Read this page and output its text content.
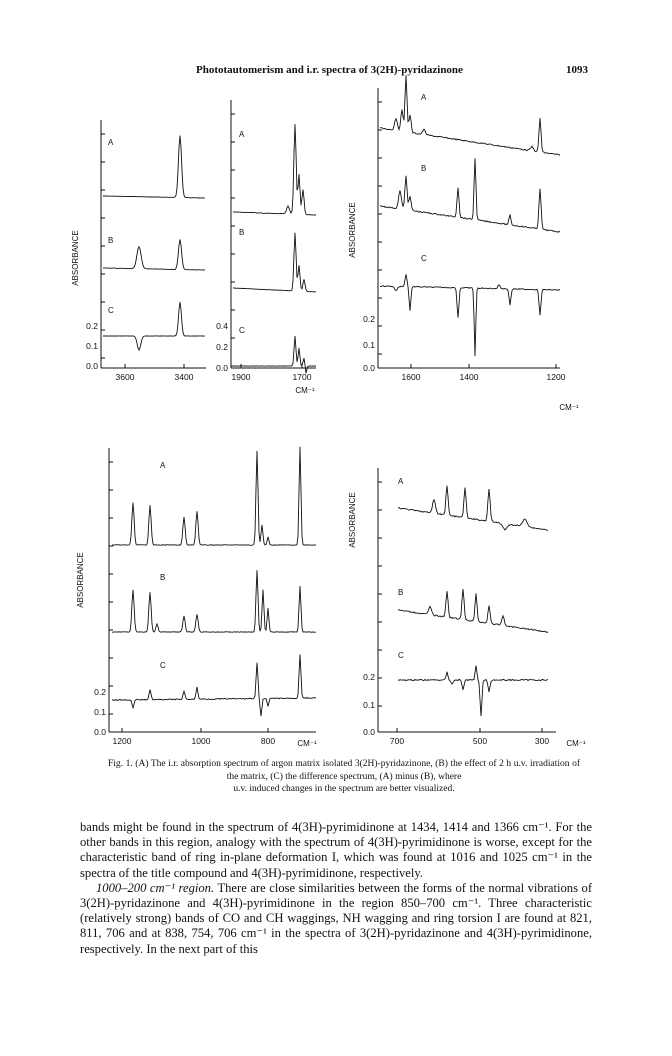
Phototautomerism and i.r. spectra of 3(2H)-pyridazinone	1093
0.0
0.1
0.2
3600	3400
ABSORBANCE
A
B
C
0.0
0.2
0.4
1900	1700
CM⁻¹
A
B
C
0.0
0.1
0.2
1600	1400	1200
ABSORBANCE
CM⁻¹
A
B
C
0.0
0.1
0.2
1200	1000	800
ABSORBANCE
CM⁻¹
A
B
C
0.0
0.1
0.2
700	500	300
ABSORBANCE
CM⁻¹
A
B
C
Fig. 1. (A) The i.r. absorption spectrum of argon matrix isolated 3(2H)-pyridazinone, (B) the effect of 2 h u.v. irradiation of the matrix, (C) the difference spectrum, (A) minus (B), where
u.v. induced changes in the spectrum are better visualized.

bands might be found in the spectrum of 4(3H)-pyrimidinone at 1434, 1414 and 1366 cm⁻¹. For the other bands in this region, analogy with the spectrum of 4(3H)-pyrimidinone is worse, except for the characteristic band of ring in-plane deformation I, which was found at 1016 and 1025 cm⁻¹ in the spectra of the title compound and 4(3H)-pyrimidinone, respectively.

1000–200 cm⁻¹ region. There are close similarities between the forms of the normal vibrations of 3(2H)-pyridazinone and 4(3H)-pyrimidinone in the region 850–700 cm⁻¹. Three characteristic (relatively strong) bands of CO and CH waggings, NH wagging and ring torsion I are found at 821, 811, 706 and at 838, 754, 706 cm⁻¹ in the spectra of 3(2H)-pyridazinone and 4(3H)-pyrimidinone, respectively. In the next part of this
